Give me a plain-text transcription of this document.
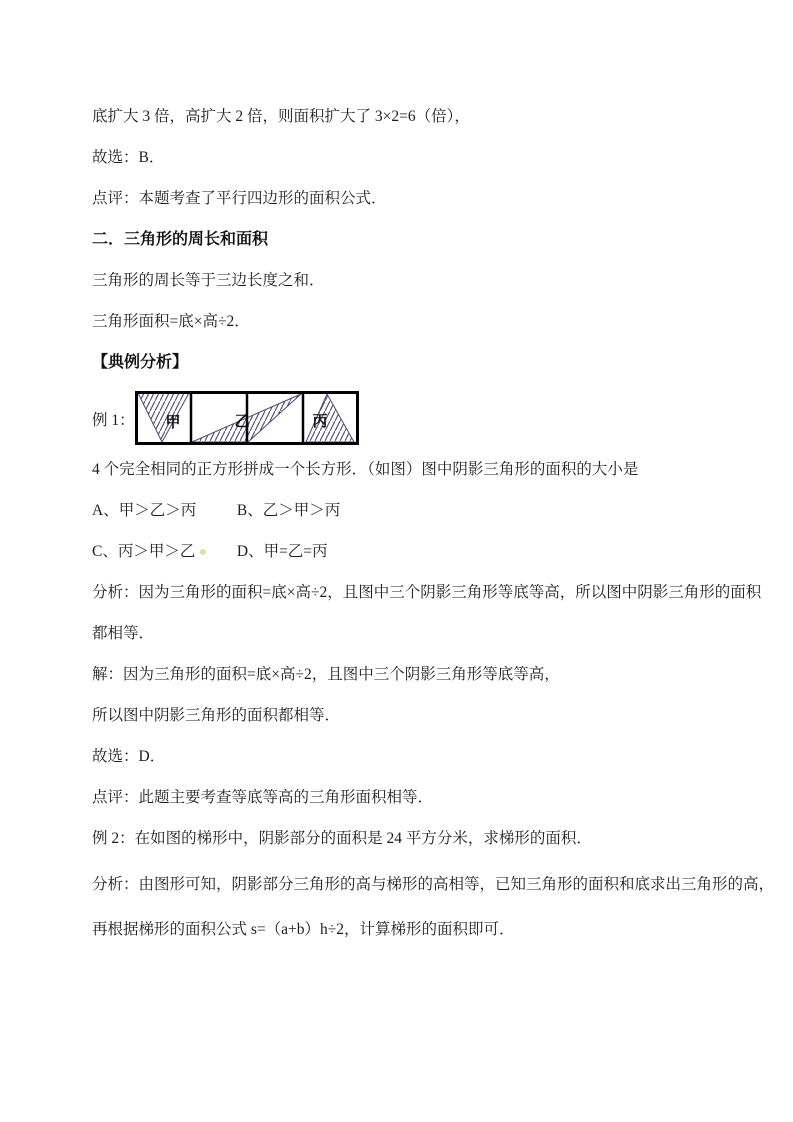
底扩大 3 倍，高扩大 2 倍，则面积扩大了 3×2=6（倍），

故选：B．

点评：本题考查了平行四边形的面积公式．

二．三角形的周长和面积

三角形的周长等于三边长度之和．

三角形面积=底×高÷2．

【典例分析】

例 1： 甲	乙	丙

4 个完全相同的正方形拼成一个长方形．（如图）图中阴影三角形的面积的大小是

A、甲＞乙＞丙	B、乙＞甲＞丙

C、丙＞甲＞乙	D、甲=乙=丙

分析：因为三角形的面积=底×高÷2，且图中三个阴影三角形等底等高，所以图中阴影三角形的面积

都相等．

解：因为三角形的面积=底×高÷2，且图中三个阴影三角形等底等高，

所以图中阴影三角形的面积都相等．

故选：D．

点评：此题主要考查等底等高的三角形面积相等．

例 2：在如图的梯形中，阴影部分的面积是 24 平方分米，求梯形的面积．

分析：由图形可知，阴影部分三角形的高与梯形的高相等，已知三角形的面积和底求出三角形的高，

再根据梯形的面积公式 s=（a+b）h÷2，计算梯形的面积即可．
